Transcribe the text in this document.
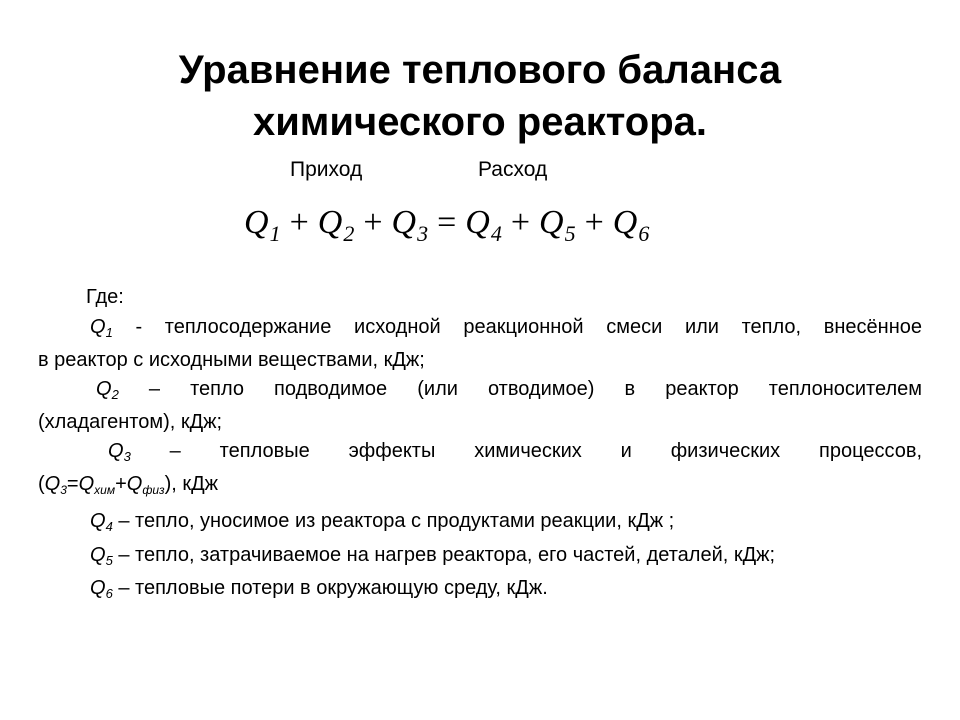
Уравнение теплового баланса
химического реактора.
Приход	Расход
$Q_1 + Q_2 + Q_3 = Q_4 + Q_5 + Q_6$
Где:
$Q_1$ - теплосодержание исходной реакционной смеси или тепло, внесённое
в реактор с исходными веществами, кДж;
$Q_2$ – тепло подводимое (или отводимое) в реактор теплоносителем
(хладагентом), кДж;
$Q_3$ – тепловые эффекты химических и физических процессов,
$(Q_3=Q_{хим}+Q_{физ})$, кДж
$Q_4$ – тепло, уносимое из реактора с продуктами реакции, кДж ;
$Q_5$ – тепло, затрачиваемое на нагрев реактора, его частей, деталей, кДж;
$Q_6$ – тепловые потери в окружающую среду, кДж.
